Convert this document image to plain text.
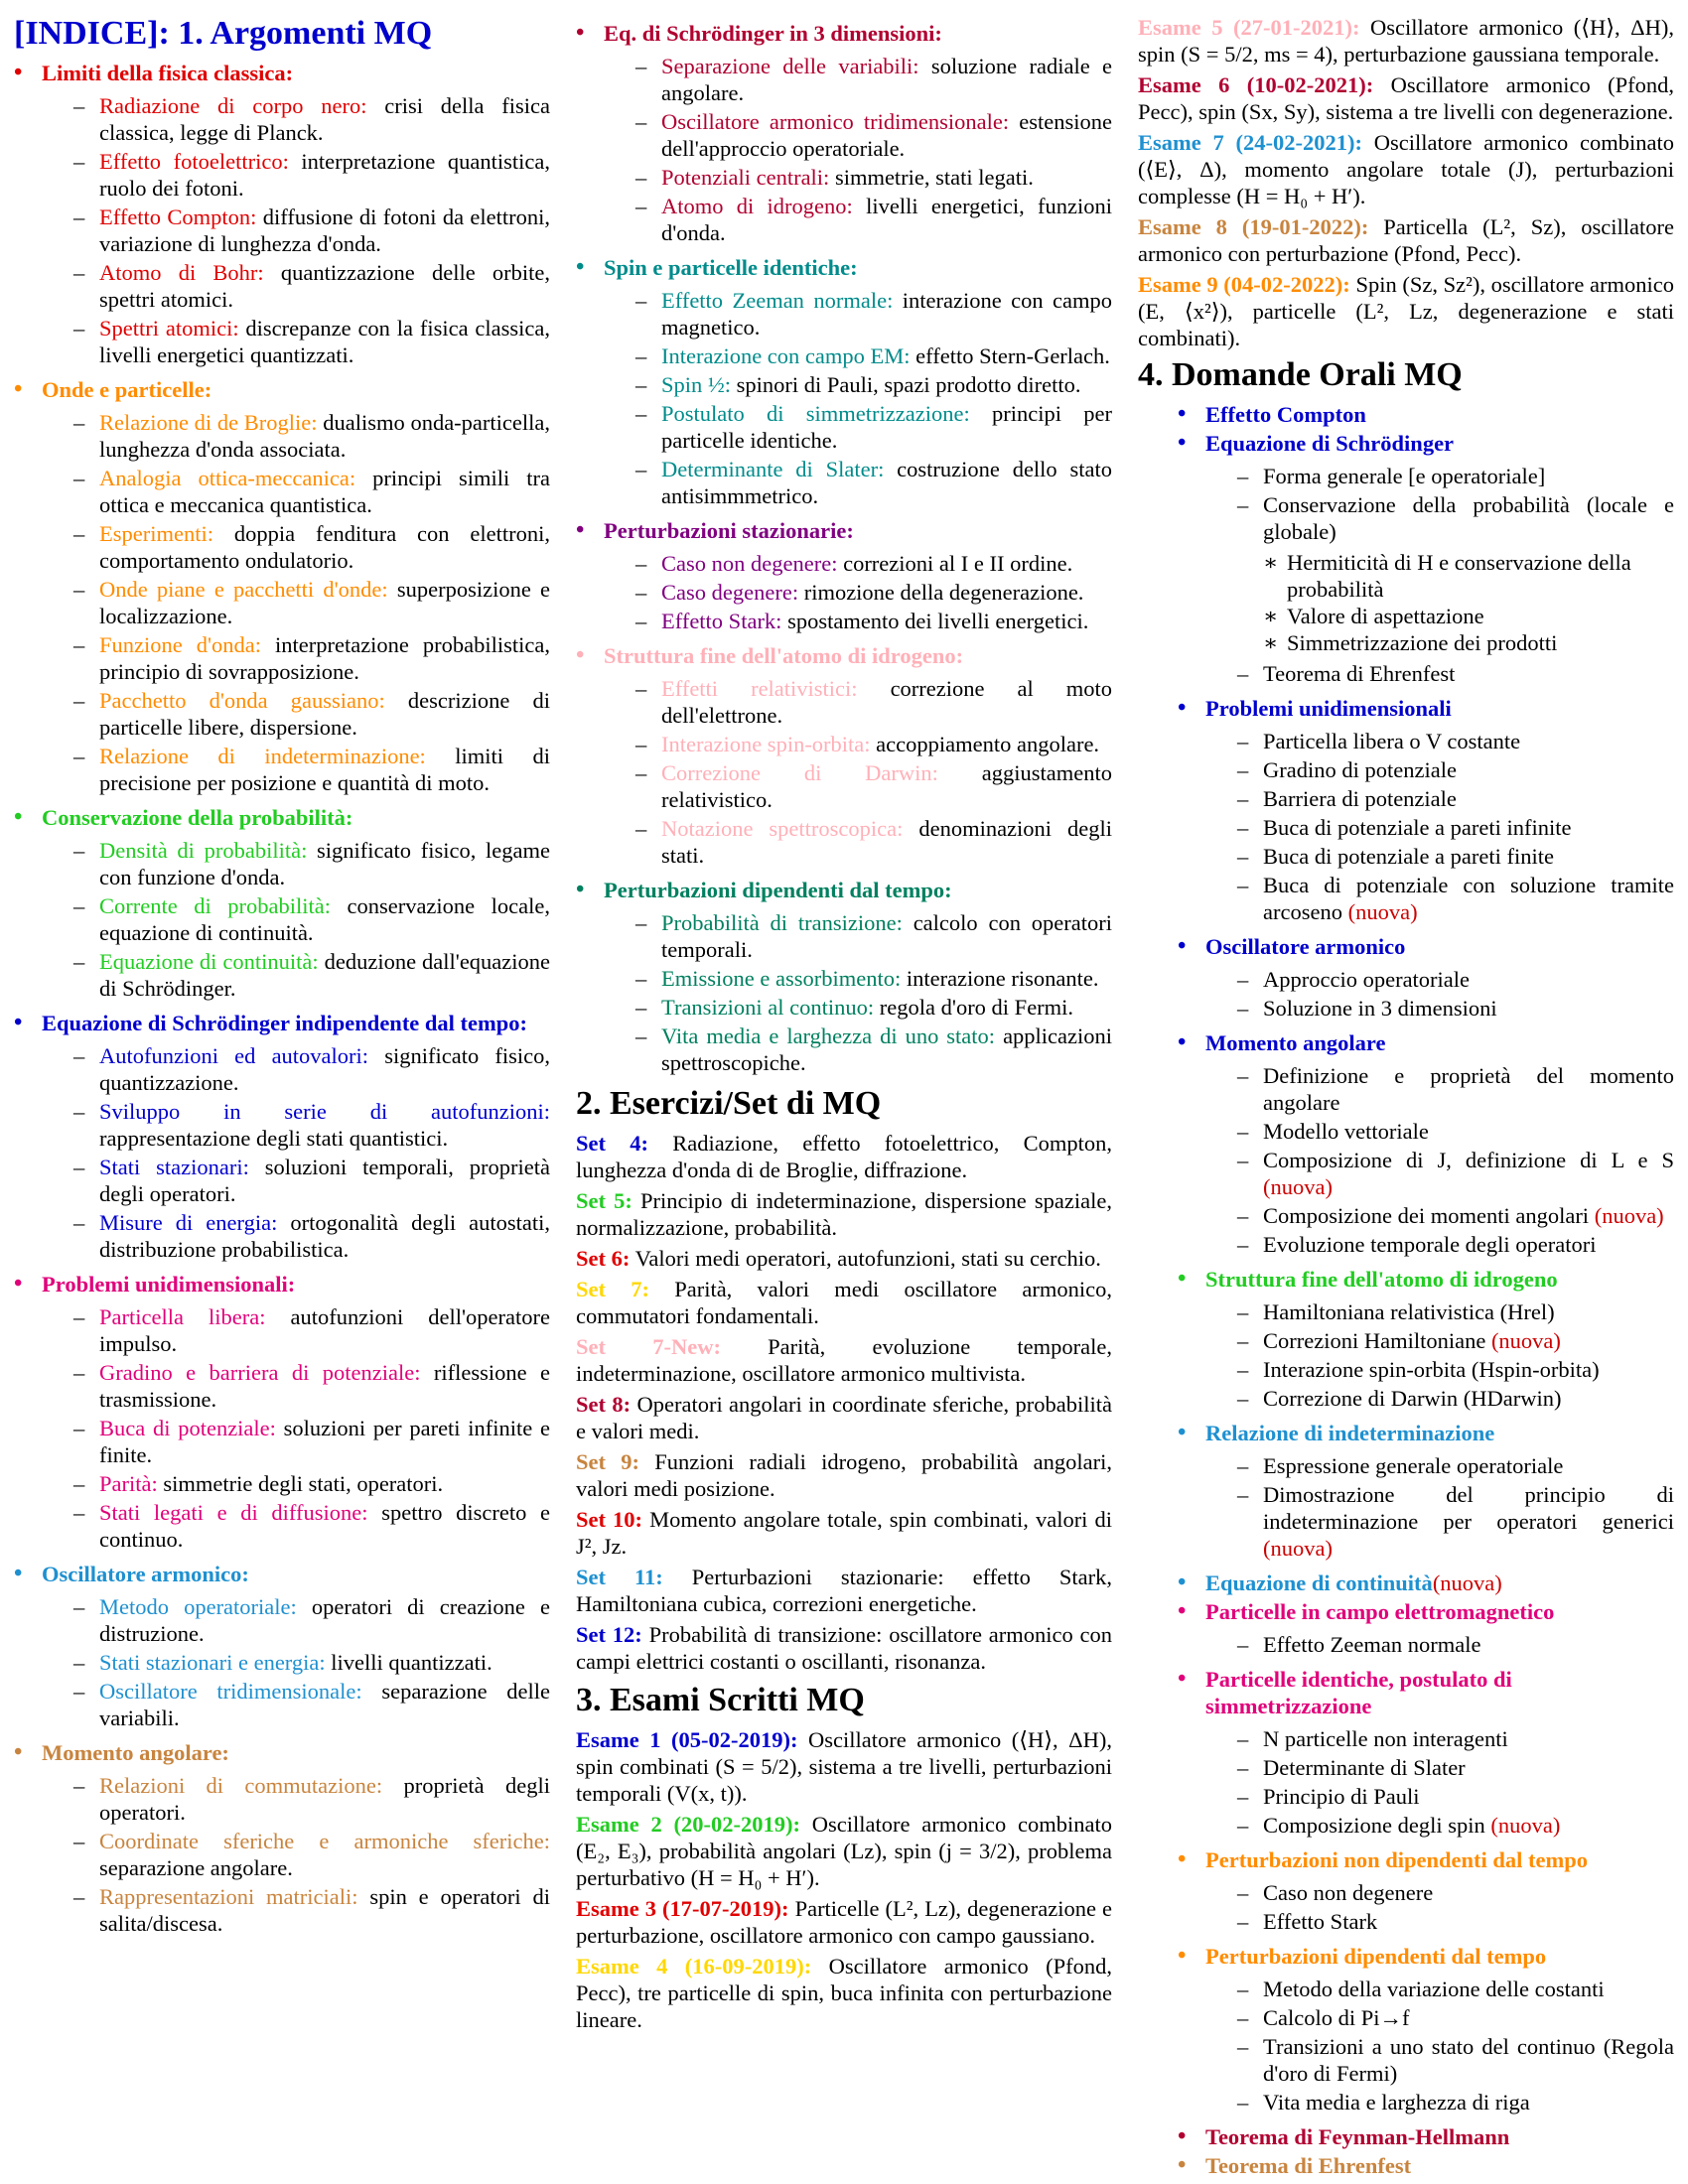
[INDICE]: 1. Argomenti MQ
• Limiti della fisica classica:
– Radiazione di corpo nero: crisi della fisica classica, legge di Planck.
– Effetto fotoelettrico: interpretazione quantistica, ruolo dei fotoni.
– Effetto Compton: diffusione di fotoni da elettroni, variazione di lunghezza d'onda.
– Atomo di Bohr: quantizzazione delle orbite, spettri atomici.
– Spettri atomici: discrepanze con la fisica classica, livelli energetici quantizzati.
• Onde e particelle:
– Relazione di de Broglie: dualismo onda-particella, lunghezza d'onda associata.
– Analogia ottica-meccanica: principi simili tra ottica e meccanica quantistica.
– Esperimenti: doppia fenditura con elettroni, comportamento ondulatorio.
– Onde piane e pacchetti d'onde: superposizione e localizzazione.
– Funzione d'onda: interpretazione probabilistica, principio di sovrapposizione.
– Pacchetto d'onda gaussiano: descrizione di particelle libere, dispersione.
– Relazione di indeterminazione: limiti di precisione per posizione e quantità di moto.
• Conservazione della probabilità:
– Densità di probabilità: significato fisico, legame con funzione d'onda.
– Corrente di probabilità: conservazione locale, equazione di continuità.
– Equazione di continuità: deduzione dall'equazione di Schrödinger.
• Equazione di Schrödinger indipendente dal tempo:
– Autofunzioni ed autovalori: significato fisico, quantizzazione.
– Sviluppo in serie di autofunzioni: rappresentazione degli stati quantistici.
– Stati stazionari: soluzioni temporali, proprietà degli operatori.
– Misure di energia: ortogonalità degli autostati, distribuzione probabilistica.
• Problemi unidimensionali:
– Particella libera: autofunzioni dell'operatore impulso.
– Gradino e barriera di potenziale: riflessione e trasmissione.
– Buca di potenziale: soluzioni per pareti infinite e finite.
– Parità: simmetrie degli stati, operatori.
– Stati legati e di diffusione: spettro discreto e continuo.
• Oscillatore armonico:
– Metodo operatoriale: operatori di creazione e distruzione.
– Stati stazionari e energia: livelli quantizzati.
– Oscillatore tridimensionale: separazione delle variabili.
• Momento angolare:
– Relazioni di commutazione: proprietà degli operatori.
– Coordinate sferiche e armoniche sferiche: separazione angolare.
– Rappresentazioni matriciali: spin e operatori di salita/discesa.
• Eq. di Schrödinger in 3 dimensioni:
– Separazione delle variabili: soluzione radiale e angolare.
– Oscillatore armonico tridimensionale: estensione dell'approccio operatoriale.
– Potenziali centrali: simmetrie, stati legati.
– Atomo di idrogeno: livelli energetici, funzioni d'onda.
• Spin e particelle identiche:
– Effetto Zeeman normale: interazione con campo magnetico.
– Interazione con campo EM: effetto Stern-Gerlach.
– Spin ½: spinori di Pauli, spazi prodotto diretto.
– Postulato di simmetrizzazione: principi per particelle identiche.
– Determinante di Slater: costruzione dello stato antisimmmetrico.
• Perturbazioni stazionarie:
– Caso non degenere: correzioni al I e II ordine.
– Caso degenere: rimozione della degenerazione.
– Effetto Stark: spostamento dei livelli energetici.
• Struttura fine dell'atomo di idrogeno:
– Effetti relativistici: correzione al moto dell'elettrone.
– Interazione spin-orbita: accoppiamento angolare.
– Correzione di Darwin: aggiustamento relativistico.
– Notazione spettroscopica: denominazioni degli stati.
• Perturbazioni dipendenti dal tempo:
– Probabilità di transizione: calcolo con operatori temporali.
– Emissione e assorbimento: interazione risonante.
– Transizioni al continuo: regola d'oro di Fermi.
– Vita media e larghezza di uno stato: applicazioni spettroscopiche.
2. Esercizi/Set di MQ
Set 4: Radiazione, effetto fotoelettrico, Compton, lunghezza d'onda di de Broglie, diffrazione.
Set 5: Principio di indeterminazione, dispersione spaziale, normalizzazione, probabilità.
Set 6: Valori medi operatori, autofunzioni, stati su cerchio.
Set 7: Parità, valori medi oscillatore armonico, commutatori fondamentali.
Set 7-New: Parità, evoluzione temporale, indeterminazione, oscillatore armonico multivista.
Set 8: Operatori angolari in coordinate sferiche, probabilità e valori medi.
Set 9: Funzioni radiali idrogeno, probabilità angolari, valori medi posizione.
Set 10: Momento angolare totale, spin combinati, valori di J², Jz.
Set 11: Perturbazioni stazionarie: effetto Stark, Hamiltoniana cubica, correzioni energetiche.
Set 12: Probabilità di transizione: oscillatore armonico con campi elettrici costanti o oscillanti, risonanza.
3. Esami Scritti MQ
Esame 1 (05-02-2019): Oscillatore armonico (⟨H⟩, ΔH), spin combinati (S = 5/2), sistema a tre livelli, perturbazioni temporali (V(x, t)).
Esame 2 (20-02-2019): Oscillatore armonico combinato (E₂, E₃), probabilità angolari (Lz), spin (j = 3/2), problema perturbativo (H = H₀ + H′).
Esame 3 (17-07-2019): Particelle (L², Lz), degenerazione e perturbazione, oscillatore armonico con campo gaussiano.
Esame 4 (16-09-2019): Oscillatore armonico (Pfond, Pecc), tre particelle di spin, buca infinita con perturbazione lineare.
Esame 5 (27-01-2021): Oscillatore armonico (⟨H⟩, ΔH), spin (S = 5/2, ms = 4), perturbazione gaussiana temporale.
Esame 6 (10-02-2021): Oscillatore armonico (Pfond, Pecc), spin (Sx, Sy), sistema a tre livelli con degenerazione.
Esame 7 (24-02-2021): Oscillatore armonico combinato (⟨E⟩, Δ), momento angolare totale (J), perturbazioni complesse (H = H₀ + H′).
Esame 8 (19-01-2022): Particella (L², Sz), oscillatore armonico con perturbazione (Pfond, Pecc).
Esame 9 (04-02-2022): Spin (Sz, Sz²), oscillatore armonico (E, ⟨x²⟩), particelle (L², Lz, degenerazione e stati combinati).
4. Domande Orali MQ
• Effetto Compton
• Equazione di Schrödinger
– Forma generale [e operatoriale]
– Conservazione della probabilità (locale e globale)
∗ Hermiticità di H e conservazione della probabilità
∗ Valore di aspettazione
∗ Simmetrizzazione dei prodotti
– Teorema di Ehrenfest
• Problemi unidimensionali
– Particella libera o V costante
– Gradino di potenziale
– Barriera di potenziale
– Buca di potenziale a pareti infinite
– Buca di potenziale a pareti finite
– Buca di potenziale con soluzione tramite arcoseno (nuova)
• Oscillatore armonico
– Approccio operatoriale
– Soluzione in 3 dimensioni
• Momento angolare
– Definizione e proprietà del momento angolare
– Modello vettoriale
– Composizione di J, definizione di L e S (nuova)
– Composizione dei momenti angolari (nuova)
– Evoluzione temporale degli operatori
• Struttura fine dell'atomo di idrogeno
– Hamiltoniana relativistica (Hrel)
– Correzioni Hamiltoniane (nuova)
– Interazione spin-orbita (Hspin-orbita)
– Correzione di Darwin (HDarwin)
• Relazione di indeterminazione
– Espressione generale operatoriale
– Dimostrazione del principio di indeterminazione per operatori generici (nuova)
• Equazione di continuità (nuova)
• Particelle in campo elettromagnetico
– Effetto Zeeman normale
• Particelle identiche, postulato di simmetrizzazione
– N particelle non interagenti
– Determinante di Slater
– Principio di Pauli
– Composizione degli spin (nuova)
• Perturbazioni non dipendenti dal tempo
– Caso non degenere
– Effetto Stark
• Perturbazioni dipendenti dal tempo
– Metodo della variazione delle costanti
– Calcolo di Pi→f
– Transizioni a uno stato del continuo (Regola d'oro di Fermi)
– Vita media e larghezza di riga
• Teorema di Feynman-Hellmann
• Teorema di Ehrenfest
